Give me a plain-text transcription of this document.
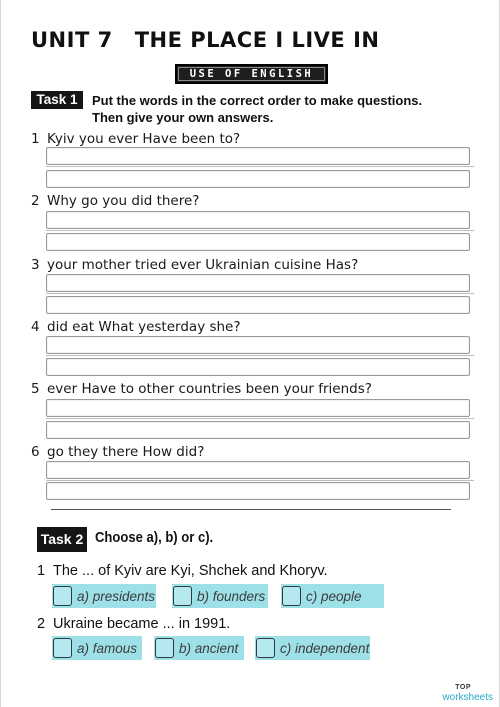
UNIT 7 THE PLACE I LIVE IN
USE OF ENGLISH
Task 1	Put the words in the correct order to make questions.
Then give your own answers.
1 Kyiv you ever Have been to?
2 Why go you did there?
3 your mother tried ever Ukrainian cuisine Has?
4 did eat What yesterday she?
5 ever Have to other countries been your friends?
6 go they there How did?
Task 2 Choose a), b) or c).
1 The ... of Kyiv are Kyi, Shchek and Khoryv.
a) presidents	b) founders	c) people
2 Ukraine became ... in 1991.
a) famous	b) ancient	c) independent
TOP
worksheets
